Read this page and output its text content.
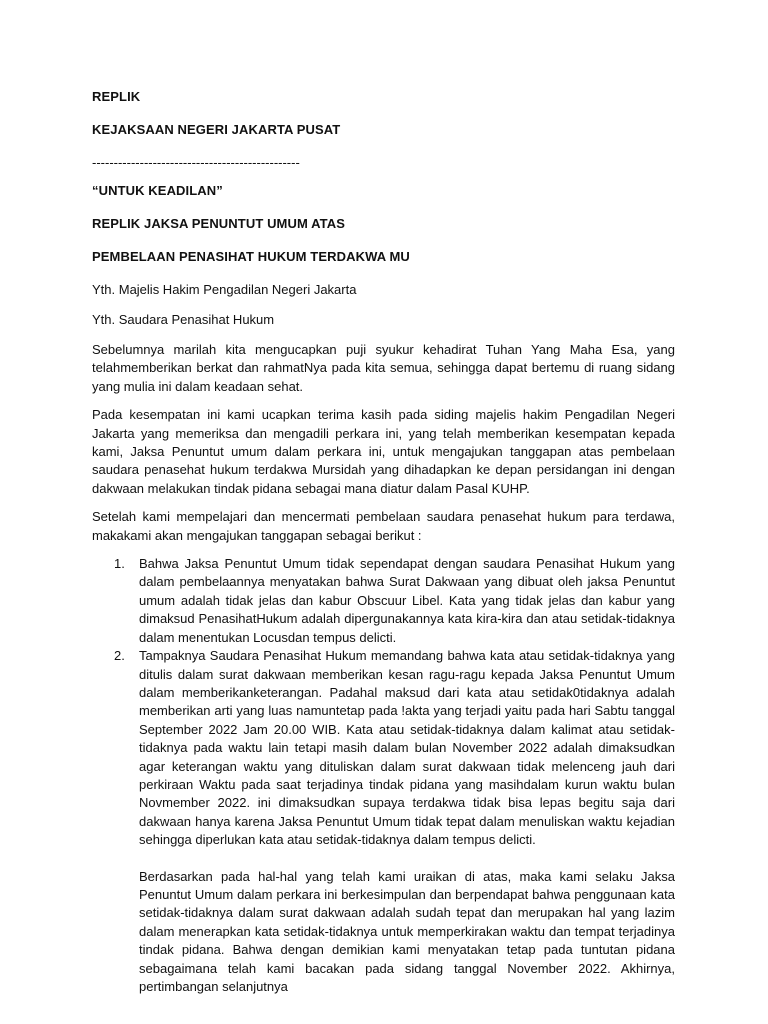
REPLIK
KEJAKSAAN NEGERI JAKARTA PUSAT
------------------------------------------------
“UNTUK KEADILAN”
REPLIK JAKSA PENUNTUT UMUM ATAS
PEMBELAAN PENASIHAT HUKUM TERDAKWA MU
Yth. Majelis Hakim Pengadilan Negeri Jakarta
Yth. Saudara Penasihat Hukum

Sebelumnya marilah kita mengucapkan puji syukur kehadirat Tuhan Yang Maha Esa, yang telahmemberikan berkat dan rahmatNya pada kita semua, sehingga dapat bertemu di ruang sidang yang mulia ini dalam keadaan sehat.

Pada kesempatan ini kami ucapkan terima kasih pada siding majelis hakim Pengadilan Negeri Jakarta yang memeriksa dan mengadili perkara ini, yang telah memberikan kesempatan kepada kami, Jaksa Penuntut umum dalam perkara ini, untuk mengajukan tanggapan atas pembelaan saudara penasehat hukum terdakwa Mursidah yang dihadapkan ke depan persidangan ini dengan dakwaan melakukan tindak pidana sebagai mana diatur dalam Pasal KUHP.

Setelah kami mempelajari dan mencermati pembelaan saudara penasehat hukum para terdawa, makakami akan mengajukan tanggapan sebagai berikut :

1. Bahwa Jaksa Penuntut Umum tidak sependapat dengan saudara Penasihat Hukum yang dalam pembelaannya menyatakan bahwa Surat Dakwaan yang dibuat oleh jaksa Penuntut umum adalah tidak jelas dan kabur Obscuur Libel. Kata yang tidak jelas dan kabur yang dimaksud PenasihatHukum adalah dipergunakannya kata kira-kira dan atau setidak-tidaknya dalam menentukan Locusdan tempus delicti.
2. Tampaknya Saudara Penasihat Hukum memandang bahwa kata atau setidak-tidaknya yang ditulis dalam surat dakwaan memberikan kesan ragu-ragu kepada Jaksa Penuntut Umum dalam memberikanketerangan. Padahal maksud dari kata atau setidak0tidaknya adalah memberikan arti yang luas namuntetap pada !akta yang terjadi yaitu pada hari Sabtu tanggal September 2022 Jam 20.00 WIB. Kata atau setidak-tidaknya dalam kalimat atau setidak-tidaknya pada waktu lain tetapi masih dalam bulan November 2022 adalah dimaksudkan agar keterangan waktu yang dituliskan dalam surat dakwaan tidak melenceng jauh dari perkiraan Waktu pada saat terjadinya tindak pidana yang masihdalam kurun waktu bulan Novmember 2022. ini dimaksudkan supaya terdakwa tidak bisa lepas begitu saja dari dakwaan hanya karena Jaksa Penuntut Umum tidak tepat dalam menuliskan waktu kejadian sehingga diperlukan kata atau setidak-tidaknya dalam tempus delicti.

Berdasarkan pada hal-hal yang telah kami uraikan di atas, maka kami selaku Jaksa Penuntut Umum dalam perkara ini berkesimpulan dan berpendapat bahwa penggunaan kata setidak-tidaknya dalam surat dakwaan adalah sudah tepat dan merupakan hal yang lazim dalam menerapkan kata setidak-tidaknya untuk memperkirakan waktu dan tempat terjadinya tindak pidana. Bahwa dengan demikian kami menyatakan tetap pada tuntutan pidana sebagaimana telah kami bacakan pada sidang tanggal November 2022. Akhirnya, pertimbangan selanjutnya
